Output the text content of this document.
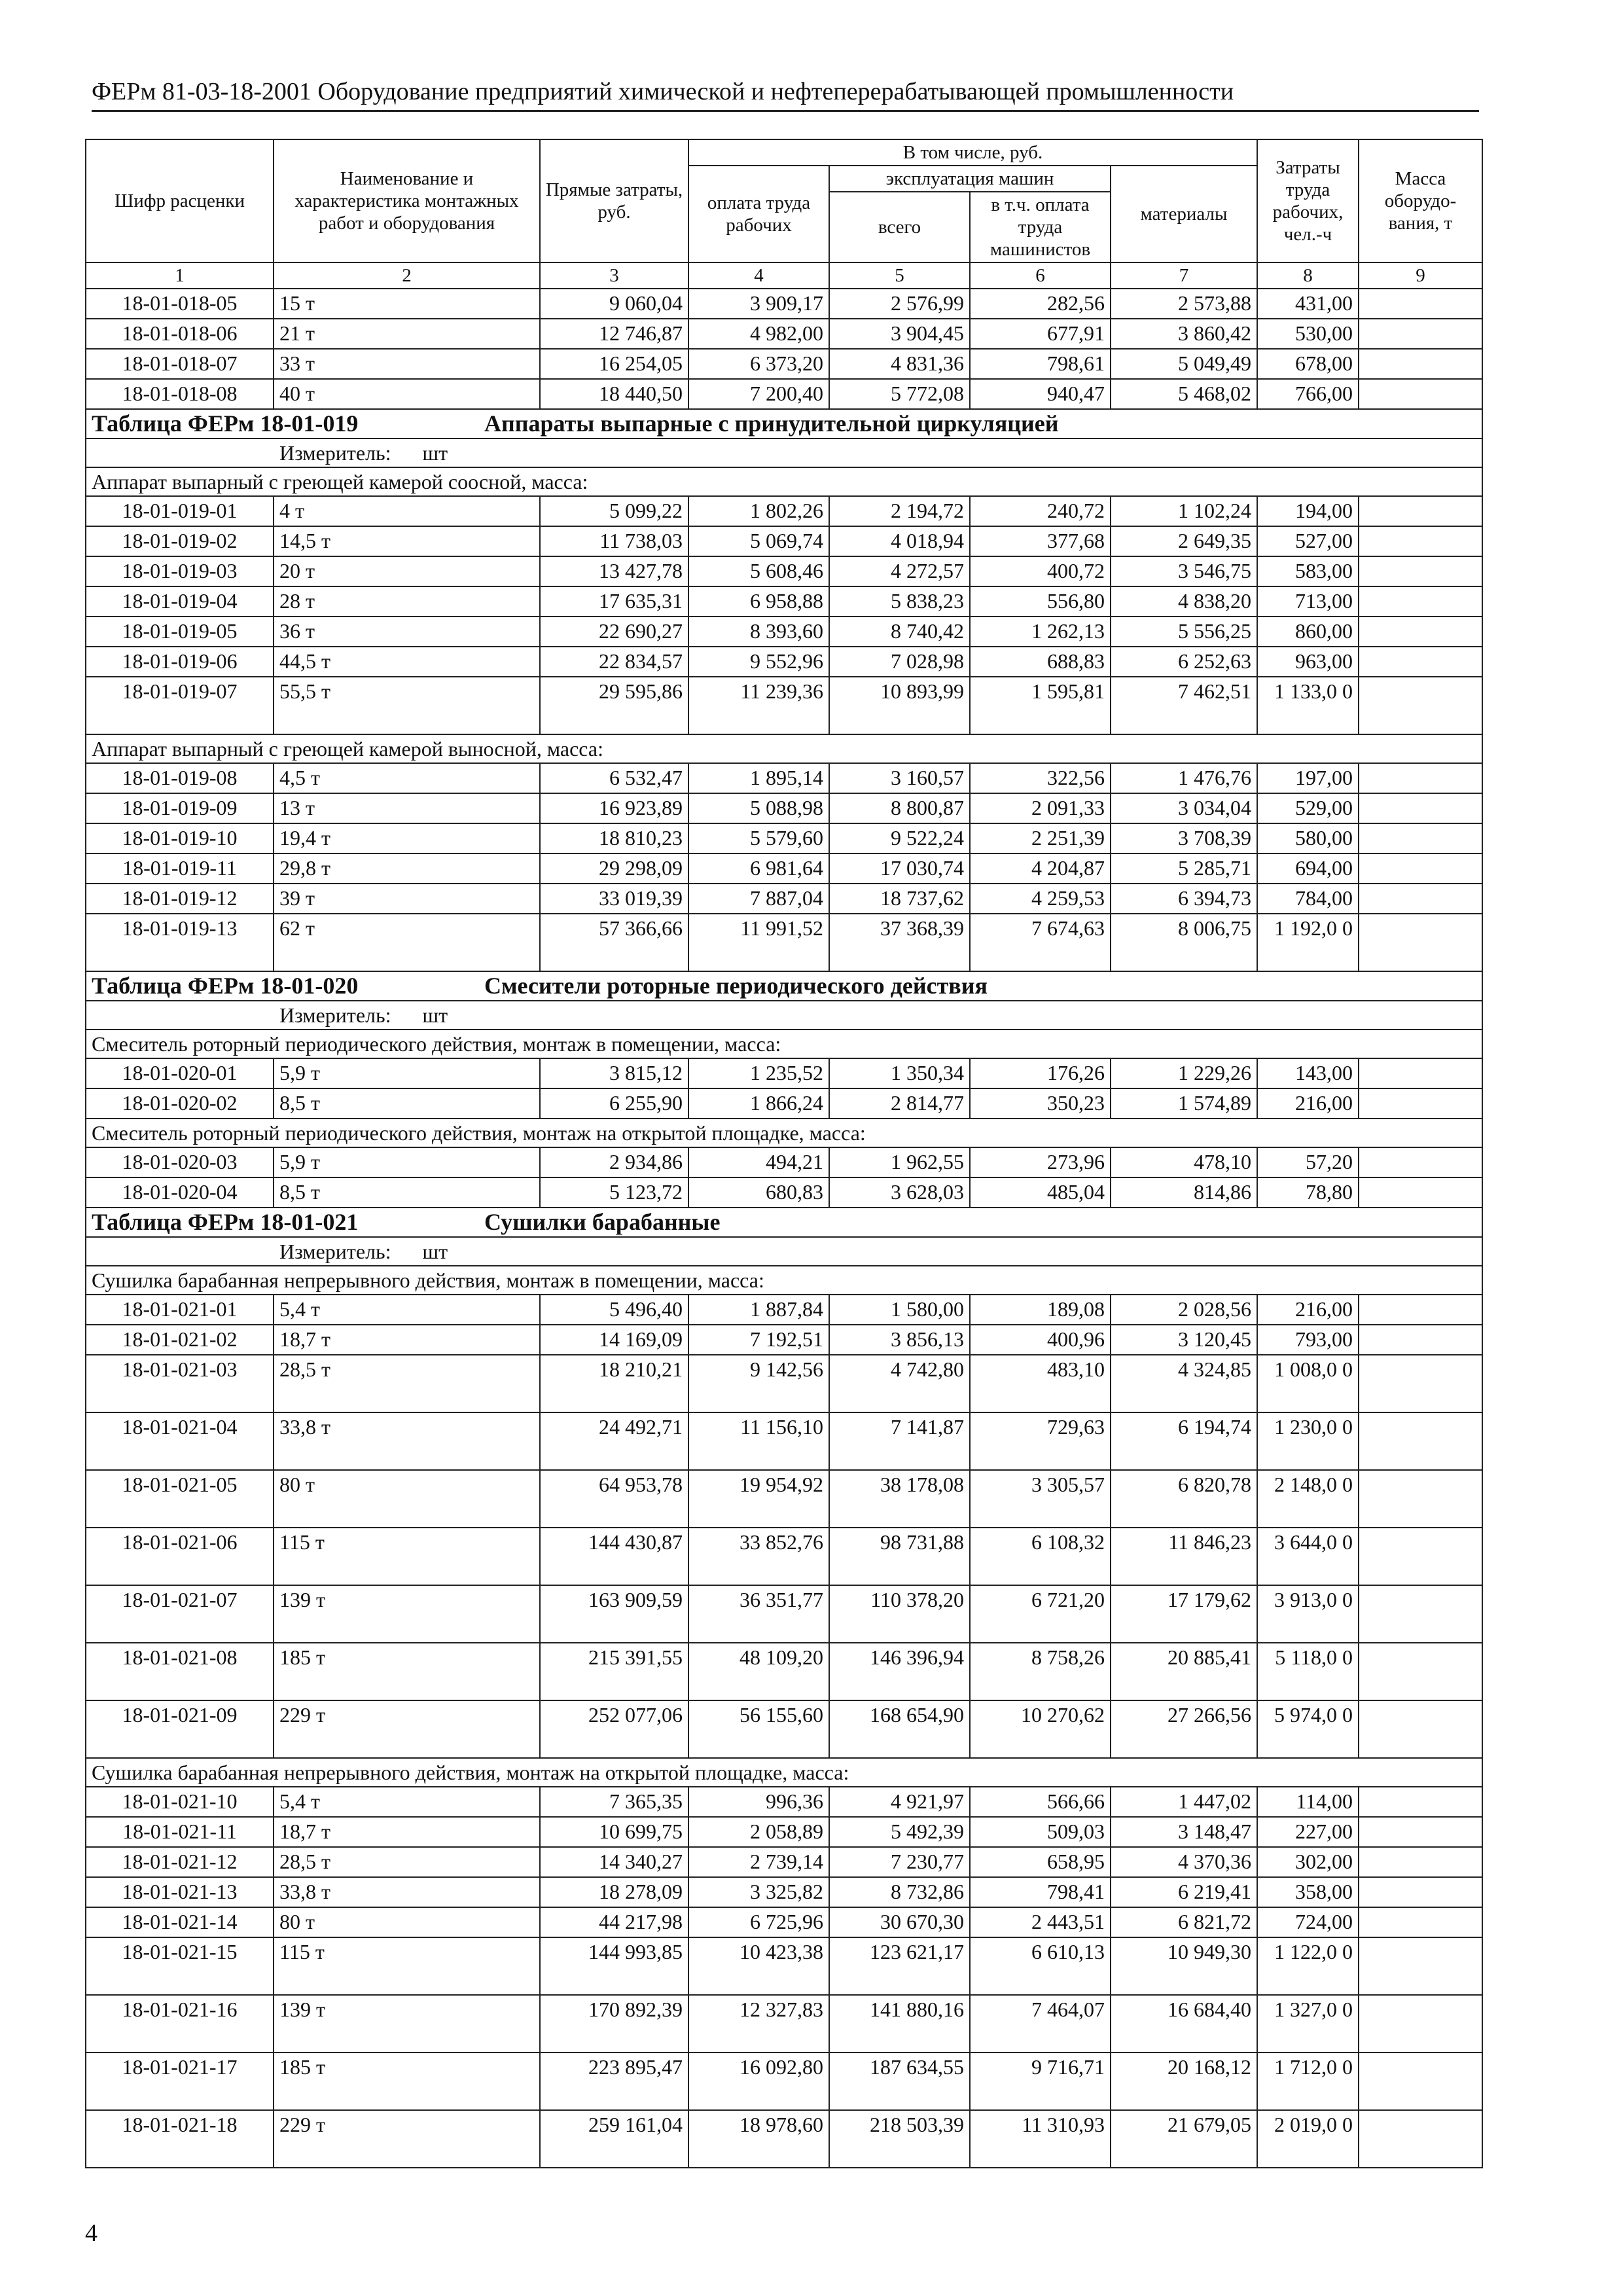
ФЕРм 81-03-18-2001 Оборудование предприятий химической и нефтеперерабатывающей промышленности
Шифр расценки	Наименование и характеристика монтажных работ и оборудования	Прямые затраты, руб.	В том числе, руб.				Затраты труда рабочих, чел.-ч	Масса оборудо-вания, т
			оплата труда рабочих	эксплуатация машин		материалы		
				всего	в т.ч. оплата труда машинистов			
1	2	3	4	5	6	7	8	9
18-01-018-05	15 т	9 060,04	3 909,17	2 576,99	282,56	2 573,88	431,00	
18-01-018-06	21 т	12 746,87	4 982,00	3 904,45	677,91	3 860,42	530,00	
18-01-018-07	33 т	16 254,05	6 373,20	4 831,36	798,61	5 049,49	678,00	
18-01-018-08	40 т	18 440,50	7 200,40	5 772,08	940,47	5 468,02	766,00	
Таблица ФЕРм 18-01-019 Аппараты выпарные с принудительной циркуляцией								
Измеритель: шт								
Аппарат выпарный с греющей камерой соосной, масса:								
18-01-019-01	4 т	5 099,22	1 802,26	2 194,72	240,72	1 102,24	194,00	
18-01-019-02	14,5 т	11 738,03	5 069,74	4 018,94	377,68	2 649,35	527,00	
18-01-019-03	20 т	13 427,78	5 608,46	4 272,57	400,72	3 546,75	583,00	
18-01-019-04	28 т	17 635,31	6 958,88	5 838,23	556,80	4 838,20	713,00	
18-01-019-05	36 т	22 690,27	8 393,60	8 740,42	1 262,13	5 556,25	860,00	
18-01-019-06	44,5 т	22 834,57	9 552,96	7 028,98	688,83	6 252,63	963,00	
18-01-019-07	55,5 т	29 595,86	11 239,36	10 893,99	1 595,81	7 462,51	1 133,0 0	
Аппарат выпарный с греющей камерой выносной, масса:								
18-01-019-08	4,5 т	6 532,47	1 895,14	3 160,57	322,56	1 476,76	197,00	
18-01-019-09	13 т	16 923,89	5 088,98	8 800,87	2 091,33	3 034,04	529,00	
18-01-019-10	19,4 т	18 810,23	5 579,60	9 522,24	2 251,39	3 708,39	580,00	
18-01-019-11	29,8 т	29 298,09	6 981,64	17 030,74	4 204,87	5 285,71	694,00	
18-01-019-12	39 т	33 019,39	7 887,04	18 737,62	4 259,53	6 394,73	784,00	
18-01-019-13	62 т	57 366,66	11 991,52	37 368,39	7 674,63	8 006,75	1 192,0 0	
Таблица ФЕРм 18-01-020 Смесители роторные периодического действия								
Измеритель: шт								
Смеситель роторный периодического действия, монтаж в помещении, масса:								
18-01-020-01	5,9 т	3 815,12	1 235,52	1 350,34	176,26	1 229,26	143,00	
18-01-020-02	8,5 т	6 255,90	1 866,24	2 814,77	350,23	1 574,89	216,00	
Смеситель роторный периодического действия, монтаж на открытой площадке, масса:								
18-01-020-03	5,9 т	2 934,86	494,21	1 962,55	273,96	478,10	57,20	
18-01-020-04	8,5 т	5 123,72	680,83	3 628,03	485,04	814,86	78,80	
Таблица ФЕРм 18-01-021 Сушилки барабанные								
Измеритель: шт								
Сушилка барабанная непрерывного действия, монтаж в помещении, масса:								
18-01-021-01	5,4 т	5 496,40	1 887,84	1 580,00	189,08	2 028,56	216,00	
18-01-021-02	18,7 т	14 169,09	7 192,51	3 856,13	400,96	3 120,45	793,00	
18-01-021-03	28,5 т	18 210,21	9 142,56	4 742,80	483,10	4 324,85	1 008,0 0	
18-01-021-04	33,8 т	24 492,71	11 156,10	7 141,87	729,63	6 194,74	1 230,0 0	
18-01-021-05	80 т	64 953,78	19 954,92	38 178,08	3 305,57	6 820,78	2 148,0 0	
18-01-021-06	115 т	144 430,87	33 852,76	98 731,88	6 108,32	11 846,23	3 644,0 0	
18-01-021-07	139 т	163 909,59	36 351,77	110 378,20	6 721,20	17 179,62	3 913,0 0	
18-01-021-08	185 т	215 391,55	48 109,20	146 396,94	8 758,26	20 885,41	5 118,0 0	
18-01-021-09	229 т	252 077,06	56 155,60	168 654,90	10 270,62	27 266,56	5 974,0 0	
Сушилка барабанная непрерывного действия, монтаж на открытой площадке, масса:								
18-01-021-10	5,4 т	7 365,35	996,36	4 921,97	566,66	1 447,02	114,00	
18-01-021-11	18,7 т	10 699,75	2 058,89	5 492,39	509,03	3 148,47	227,00	
18-01-021-12	28,5 т	14 340,27	2 739,14	7 230,77	658,95	4 370,36	302,00	
18-01-021-13	33,8 т	18 278,09	3 325,82	8 732,86	798,41	6 219,41	358,00	
18-01-021-14	80 т	44 217,98	6 725,96	30 670,30	2 443,51	6 821,72	724,00	
18-01-021-15	115 т	144 993,85	10 423,38	123 621,17	6 610,13	10 949,30	1 122,0 0	
18-01-021-16	139 т	170 892,39	12 327,83	141 880,16	7 464,07	16 684,40	1 327,0 0	
18-01-021-17	185 т	223 895,47	16 092,80	187 634,55	9 716,71	20 168,12	1 712,0 0	
18-01-021-18	229 т	259 161,04	18 978,60	218 503,39	11 310,93	21 679,05	2 019,0 0	
4
